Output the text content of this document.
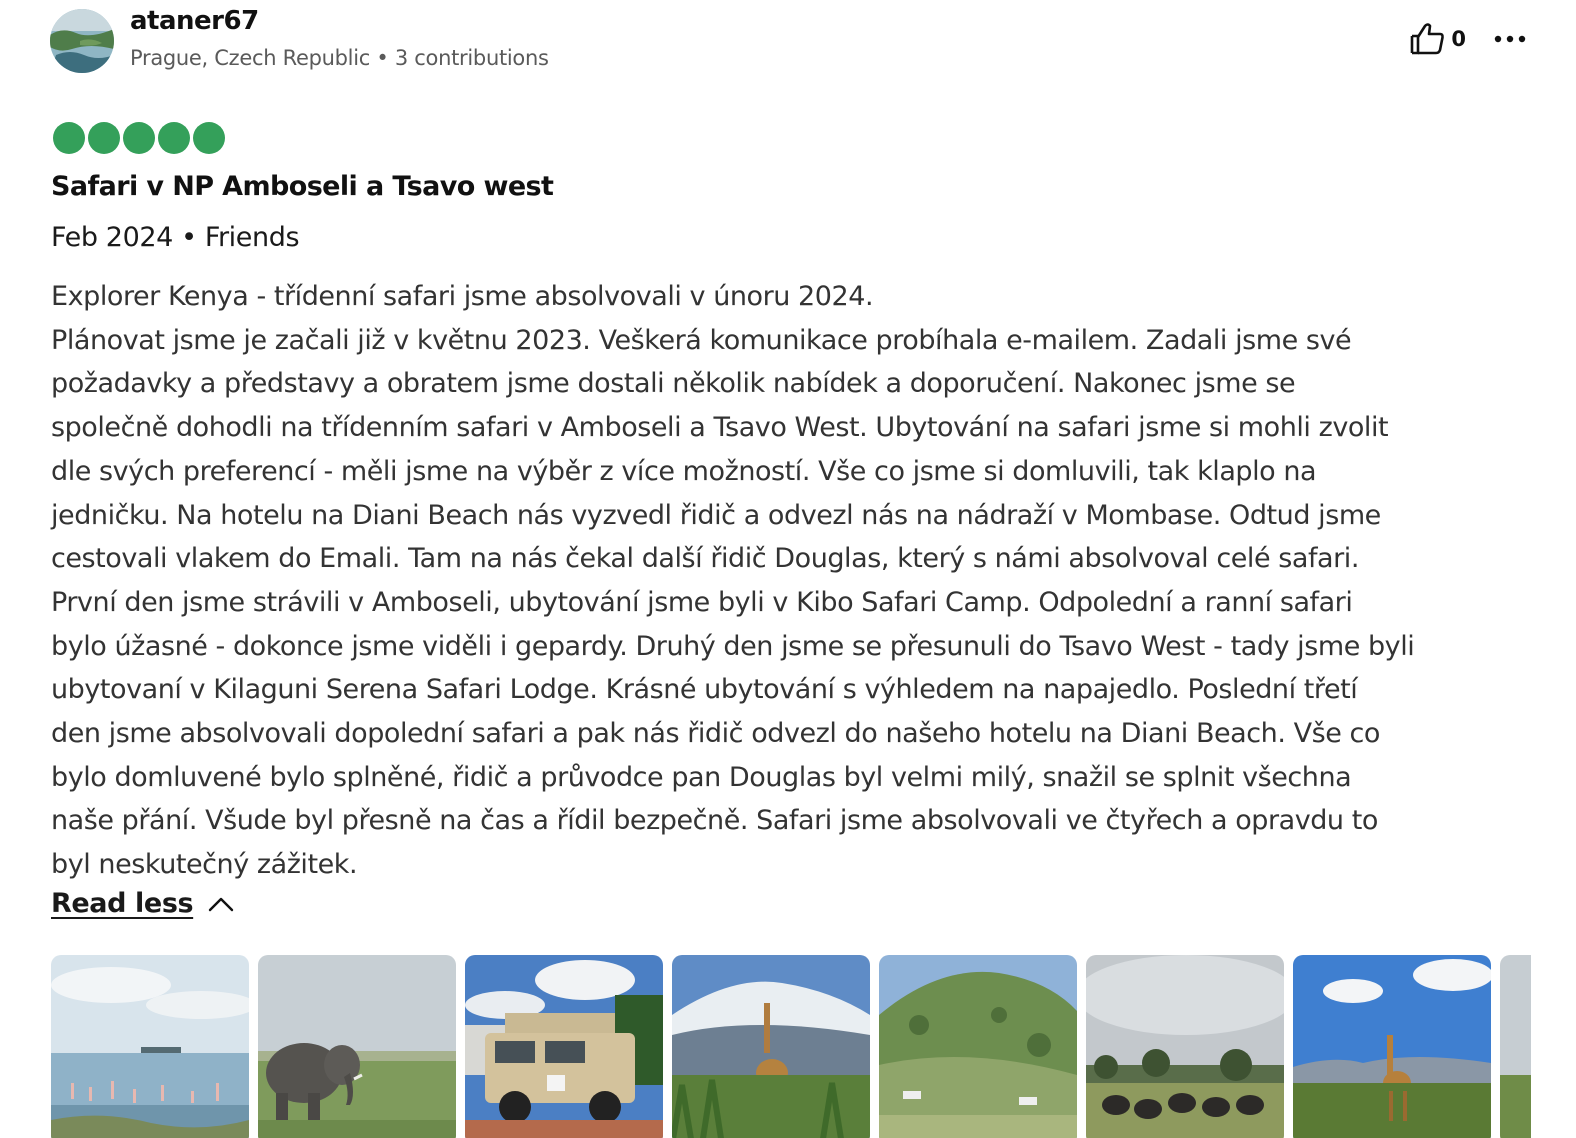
ataner67
Prague, Czech Republic • 3 contributions
0
Safari v NP Amboseli a Tsavo west
Feb 2024 • Friends
Explorer Kenya - třídenní safari jsme absolvovali v únoru 2024.
Plánovat jsme je začali již v květnu 2023. Veškerá komunikace probíhala e-mailem. Zadali jsme své
požadavky a představy a obratem jsme dostali několik nabídek a doporučení. Nakonec jsme se
společně dohodli na třídenním safari v Amboseli a Tsavo West. Ubytování na safari jsme si mohli zvolit
dle svých preferencí - měli jsme na výběr z více možností. Vše co jsme si domluvili, tak klaplo na
jedničku. Na hotelu na Diani Beach nás vyzvedl řidič a odvezl nás na nádraží v Mombase. Odtud jsme
cestovali vlakem do Emali. Tam na nás čekal další řidič Douglas, který s námi absolvoval celé safari.
První den jsme strávili v Amboseli, ubytování jsme byli v Kibo Safari Camp. Odpolední a ranní safari
bylo úžasné - dokonce jsme viděli i gepardy. Druhý den jsme se přesunuli do Tsavo West - tady jsme byli
ubytovaní v Kilaguni Serena Safari Lodge. Krásné ubytování s výhledem na napajedlo. Poslední třetí
den jsme absolvovali dopolední safari a pak nás řidič odvezl do našeho hotelu na Diani Beach. Vše co
bylo domluvené bylo splněné, řidič a průvodce pan Douglas byl velmi milý, snažil se splnit všechna
naše přání. Všude byl přesně na čas a řídil bezpečně. Safari jsme absolvovali ve čtyřech a opravdu to
byl neskutečný zážitek.
Read less
